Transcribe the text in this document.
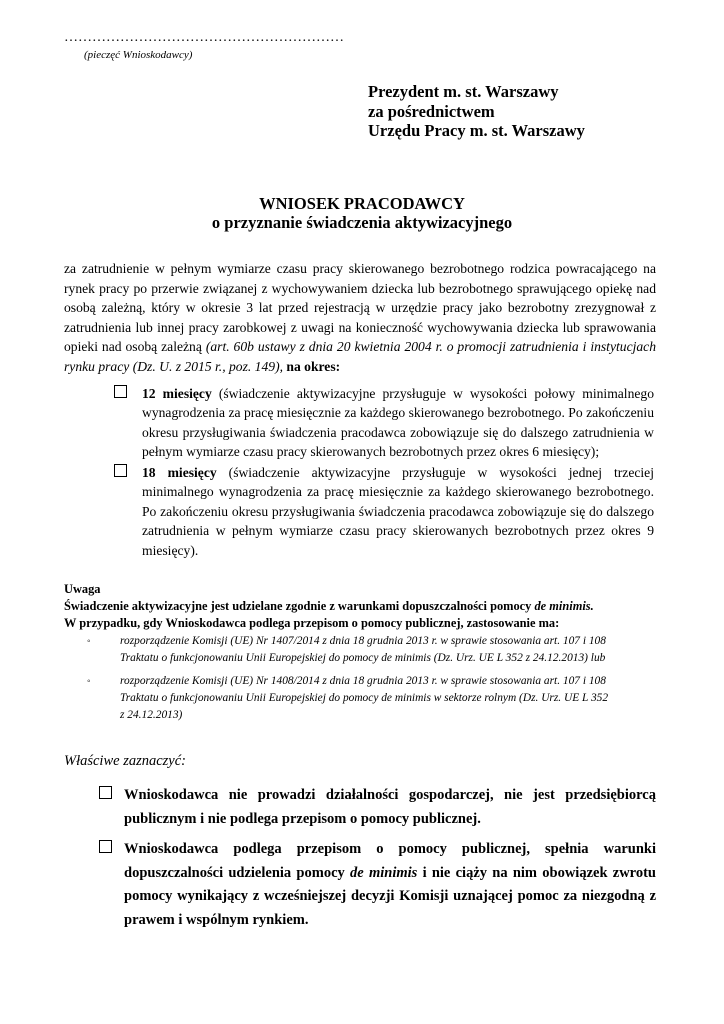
……………………………………………………
(pieczęć Wnioskodawcy)
Prezydent m. st. Warszawy
za pośrednictwem
Urzędu Pracy m. st. Warszawy
WNIOSEK PRACODAWCY
o przyznanie świadczenia aktywizacyjnego
za zatrudnienie w pełnym wymiarze czasu pracy skierowanego bezrobotnego rodzica powracającego na rynek pracy po przerwie związanej z wychowywaniem dziecka lub bezrobotnego sprawującego opiekę nad osobą zależną, który w okresie 3 lat przed rejestracją w urzędzie pracy jako bezrobotny zrezygnował z zatrudnienia lub innej pracy zarobkowej z uwagi na konieczność wychowywania dziecka lub sprawowania opieki nad osobą zależną (art. 60b ustawy z dnia 20 kwietnia 2004 r. o promocji zatrudnienia i instytucjach rynku pracy (Dz. U. z 2015 r., poz. 149), na okres:
12 miesięcy (świadczenie aktywizacyjne przysługuje w wysokości połowy minimalnego wynagrodzenia za pracę miesięcznie za każdego skierowanego bezrobotnego. Po zakończeniu okresu przysługiwania świadczenia pracodawca zobowiązuje się do dalszego zatrudnienia w pełnym wymiarze czasu pracy skierowanych bezrobotnych przez okres 6 miesięcy);
18 miesięcy (świadczenie aktywizacyjne przysługuje w wysokości jednej trzeciej minimalnego wynagrodzenia za pracę miesięcznie za każdego skierowanego bezrobotnego. Po zakończeniu okresu przysługiwania świadczenia pracodawca zobowiązuje się do dalszego zatrudnienia w pełnym wymiarze czasu pracy skierowanych bezrobotnych przez okres 9 miesięcy).
Uwaga
Świadczenie aktywizacyjne jest udzielane zgodnie z warunkami dopuszczalności pomocy de minimis.
W przypadku, gdy Wnioskodawca podlega przepisom o pomocy publicznej, zastosowanie ma:
◦	rozporządzenie Komisji (UE) Nr 1407/2014 z dnia 18 grudnia 2013 r. w sprawie stosowania art. 107 i 108
Traktatu o funkcjonowaniu Unii Europejskiej do pomocy de minimis (Dz. Urz. UE L 352 z 24.12.2013) lub
◦	rozporządzenie Komisji (UE) Nr 1408/2014 z dnia 18 grudnia 2013 r. w sprawie stosowania art. 107 i 108
Traktatu o funkcjonowaniu Unii Europejskiej do pomocy de minimis w sektorze rolnym (Dz. Urz. UE L 352
z 24.12.2013)
Właściwe zaznaczyć:
Wnioskodawca nie prowadzi działalności gospodarczej, nie jest przedsiębiorcą publicznym i nie podlega przepisom o pomocy publicznej.
Wnioskodawca podlega przepisom o pomocy publicznej, spełnia warunki dopuszczalności udzielenia pomocy de minimis i nie ciąży na nim obowiązek zwrotu pomocy wynikający z wcześniejszej decyzji Komisji uznającej pomoc za niezgodną z prawem i wspólnym rynkiem.
